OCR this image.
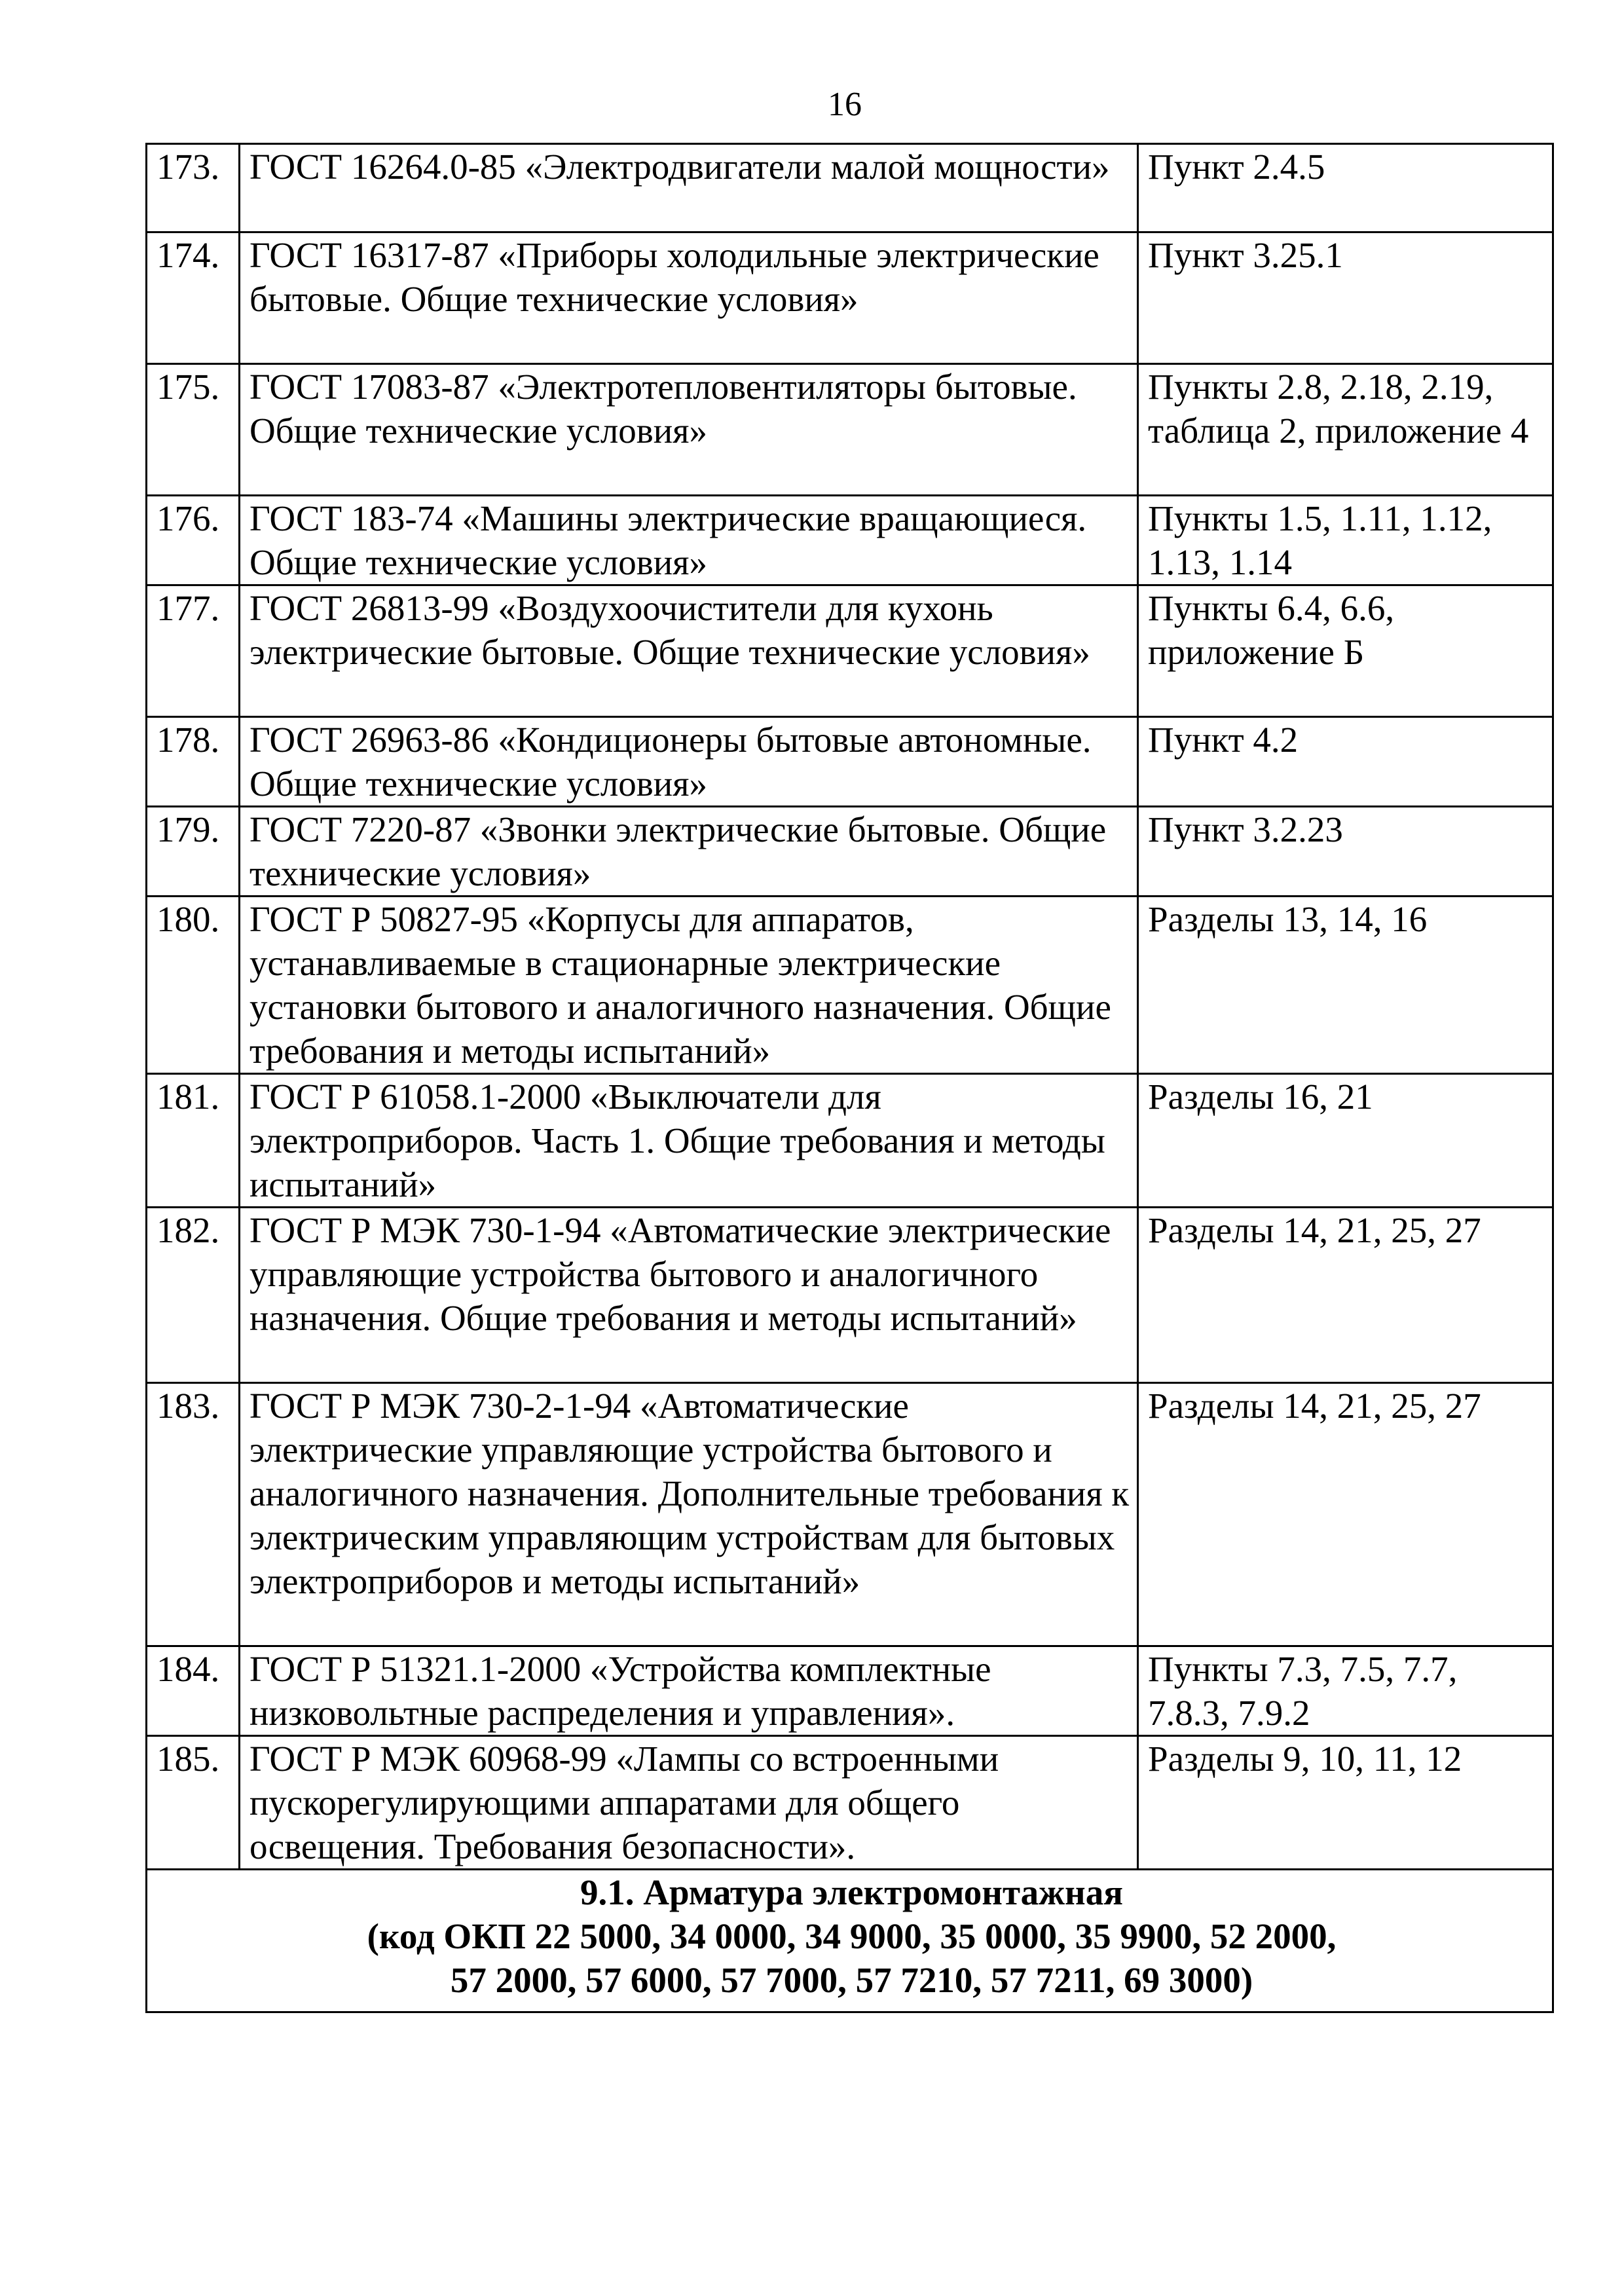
16
173.	ГОСТ 16264.0-85 «Электродвигатели малой мощности»	Пункт 2.4.5
174.	ГОСТ 16317-87 «Приборы холодильные электрические бытовые. Общие технические условия»	Пункт 3.25.1
175.	ГОСТ 17083-87 «Электротепловентиляторы бытовые. Общие технические условия»	Пункты 2.8, 2.18, 2.19, таблица 2, приложение 4
176.	ГОСТ 183-74 «Машины электрические вращающиеся. Общие технические условия»	Пункты 1.5, 1.11, 1.12, 1.13, 1.14
177.	ГОСТ 26813-99 «Воздухоочистители для кухонь электрические бытовые. Общие технические условия»	Пункты 6.4, 6.6, приложение Б
178.	ГОСТ 26963-86 «Кондиционеры бытовые автономные. Общие технические условия»	Пункт 4.2
179.	ГОСТ 7220-87 «Звонки электрические бытовые. Общие технические условия»	Пункт 3.2.23
180.	ГОСТ Р 50827-95 «Корпусы для аппаратов, устанавливаемые в стационарные электрические установки бытового и аналогичного назначения. Общие требования и методы испытаний»	Разделы 13, 14, 16
181.	ГОСТ Р 61058.1-2000 «Выключатели для электроприборов. Часть 1. Общие требования и методы испытаний»	Разделы 16, 21
182.	ГОСТ Р МЭК 730-1-94 «Автоматические электрические управляющие устройства бытового и аналогичного назначения. Общие требования и методы испытаний»	Разделы 14, 21, 25, 27
183.	ГОСТ Р МЭК 730-2-1-94 «Автоматические электрические управляющие устройства бытового и аналогичного назначения. Дополнительные требования к электрическим управляющим устройствам для бытовых электроприборов и методы испытаний»	Разделы 14, 21, 25, 27
184.	ГОСТ Р 51321.1-2000 «Устройства комплектные низковольтные распределения и управления».	Пункты 7.3, 7.5, 7.7, 7.8.3, 7.9.2
185.	ГОСТ Р МЭК 60968-99 «Лампы со встроенными пускорегулирующими аппаратами для общего освещения. Требования безопасности».	Разделы 9, 10, 11, 12

9.1. Арматура электромонтажная
(код ОКП 22 5000, 34 0000, 34 9000, 35 0000, 35 9900, 52 2000,
57 2000, 57 6000, 57 7000, 57 7210, 57 7211, 69 3000)		
